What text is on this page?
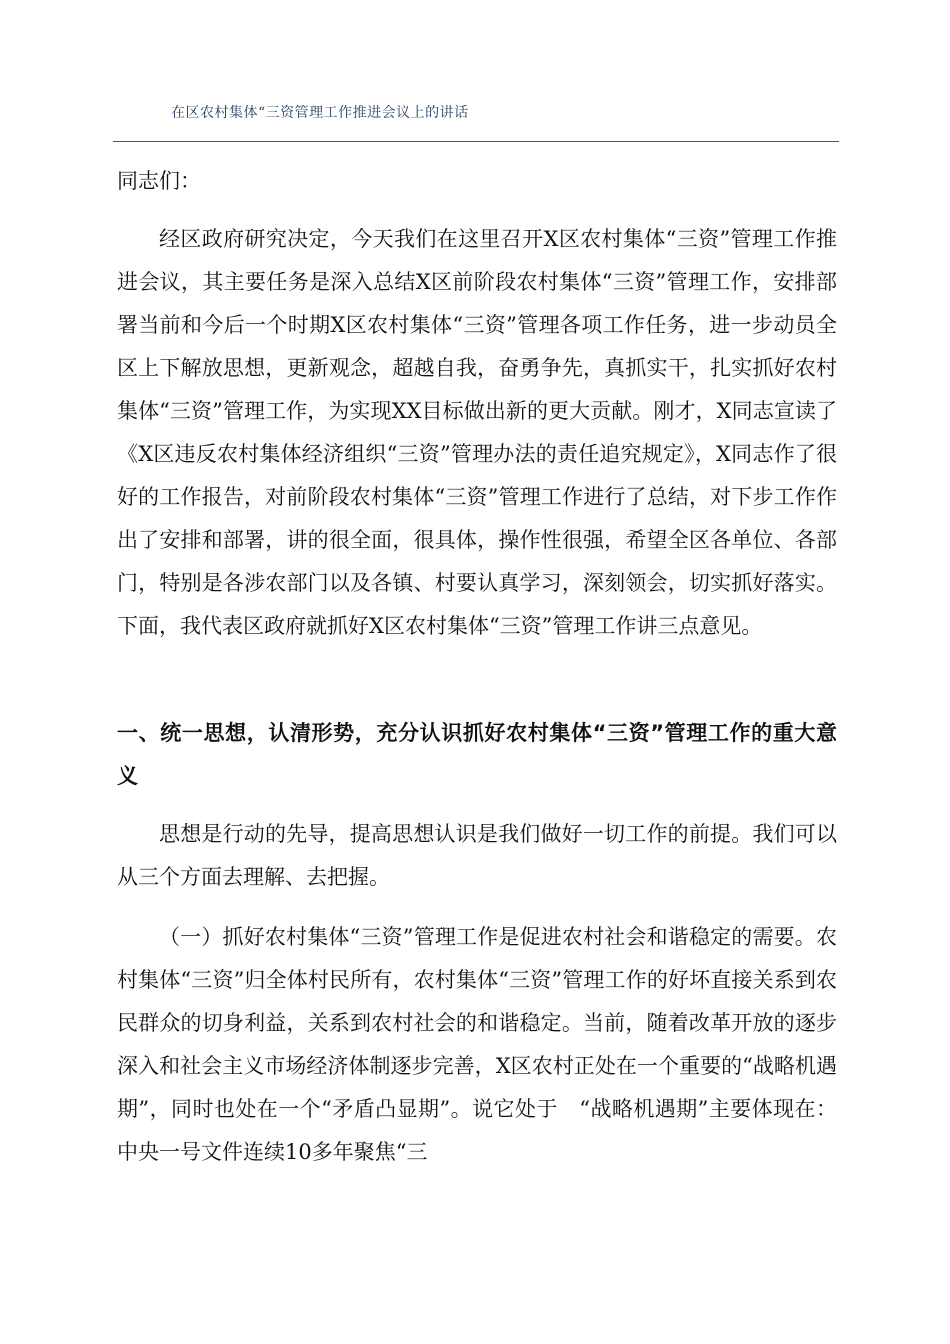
在区农村集体“三资管理工作推进会议上的讲话

同志们：

经区政府研究决定，今天我们在这里召开X区农村集体“三资”管理工作推进会议，其主要任务是深入总结X区前阶段农村集体“三资”管理工作，安排部署当前和今后一个时期X区农村集体“三资”管理各项工作任务，进一步动员全区上下解放思想，更新观念，超越自我，奋勇争先，真抓实干，扎实抓好农村集体“三资”管理工作，为实现XX目标做出新的更大贡献。刚才，X同志宣读了《X区违反农村集体经济组织“三资”管理办法的责任追究规定》，X同志作了很好的工作报告，对前阶段农村集体“三资”管理工作进行了总结，对下步工作作出了安排和部署，讲的很全面，很具体，操作性很强，希望全区各单位、各部门，特别是各涉农部门以及各镇、村要认真学习，深刻领会，切实抓好落实。下面，我代表区政府就抓好X区农村集体“三资”管理工作讲三点意见。

一、统一思想，认清形势，充分认识抓好农村集体“三资”管理工作的重大意义

思想是行动的先导，提高思想认识是我们做好一切工作的前提。我们可以从三个方面去理解、去把握。

（一）抓好农村集体“三资”管理工作是促进农村社会和谐稳定的需要。农村集体“三资”归全体村民所有，农村集体“三资”管理工作的好坏直接关系到农民群众的切身利益，关系到农村社会的和谐稳定。当前，随着改革开放的逐步深入和社会主义市场经济体制逐步完善，X区农村正处在一个重要的“战略机遇期”，同时也处在一个“矛盾凸显期”。说它处于　“战略机遇期”主要体现在：中央一号文件连续10多年聚焦“三
